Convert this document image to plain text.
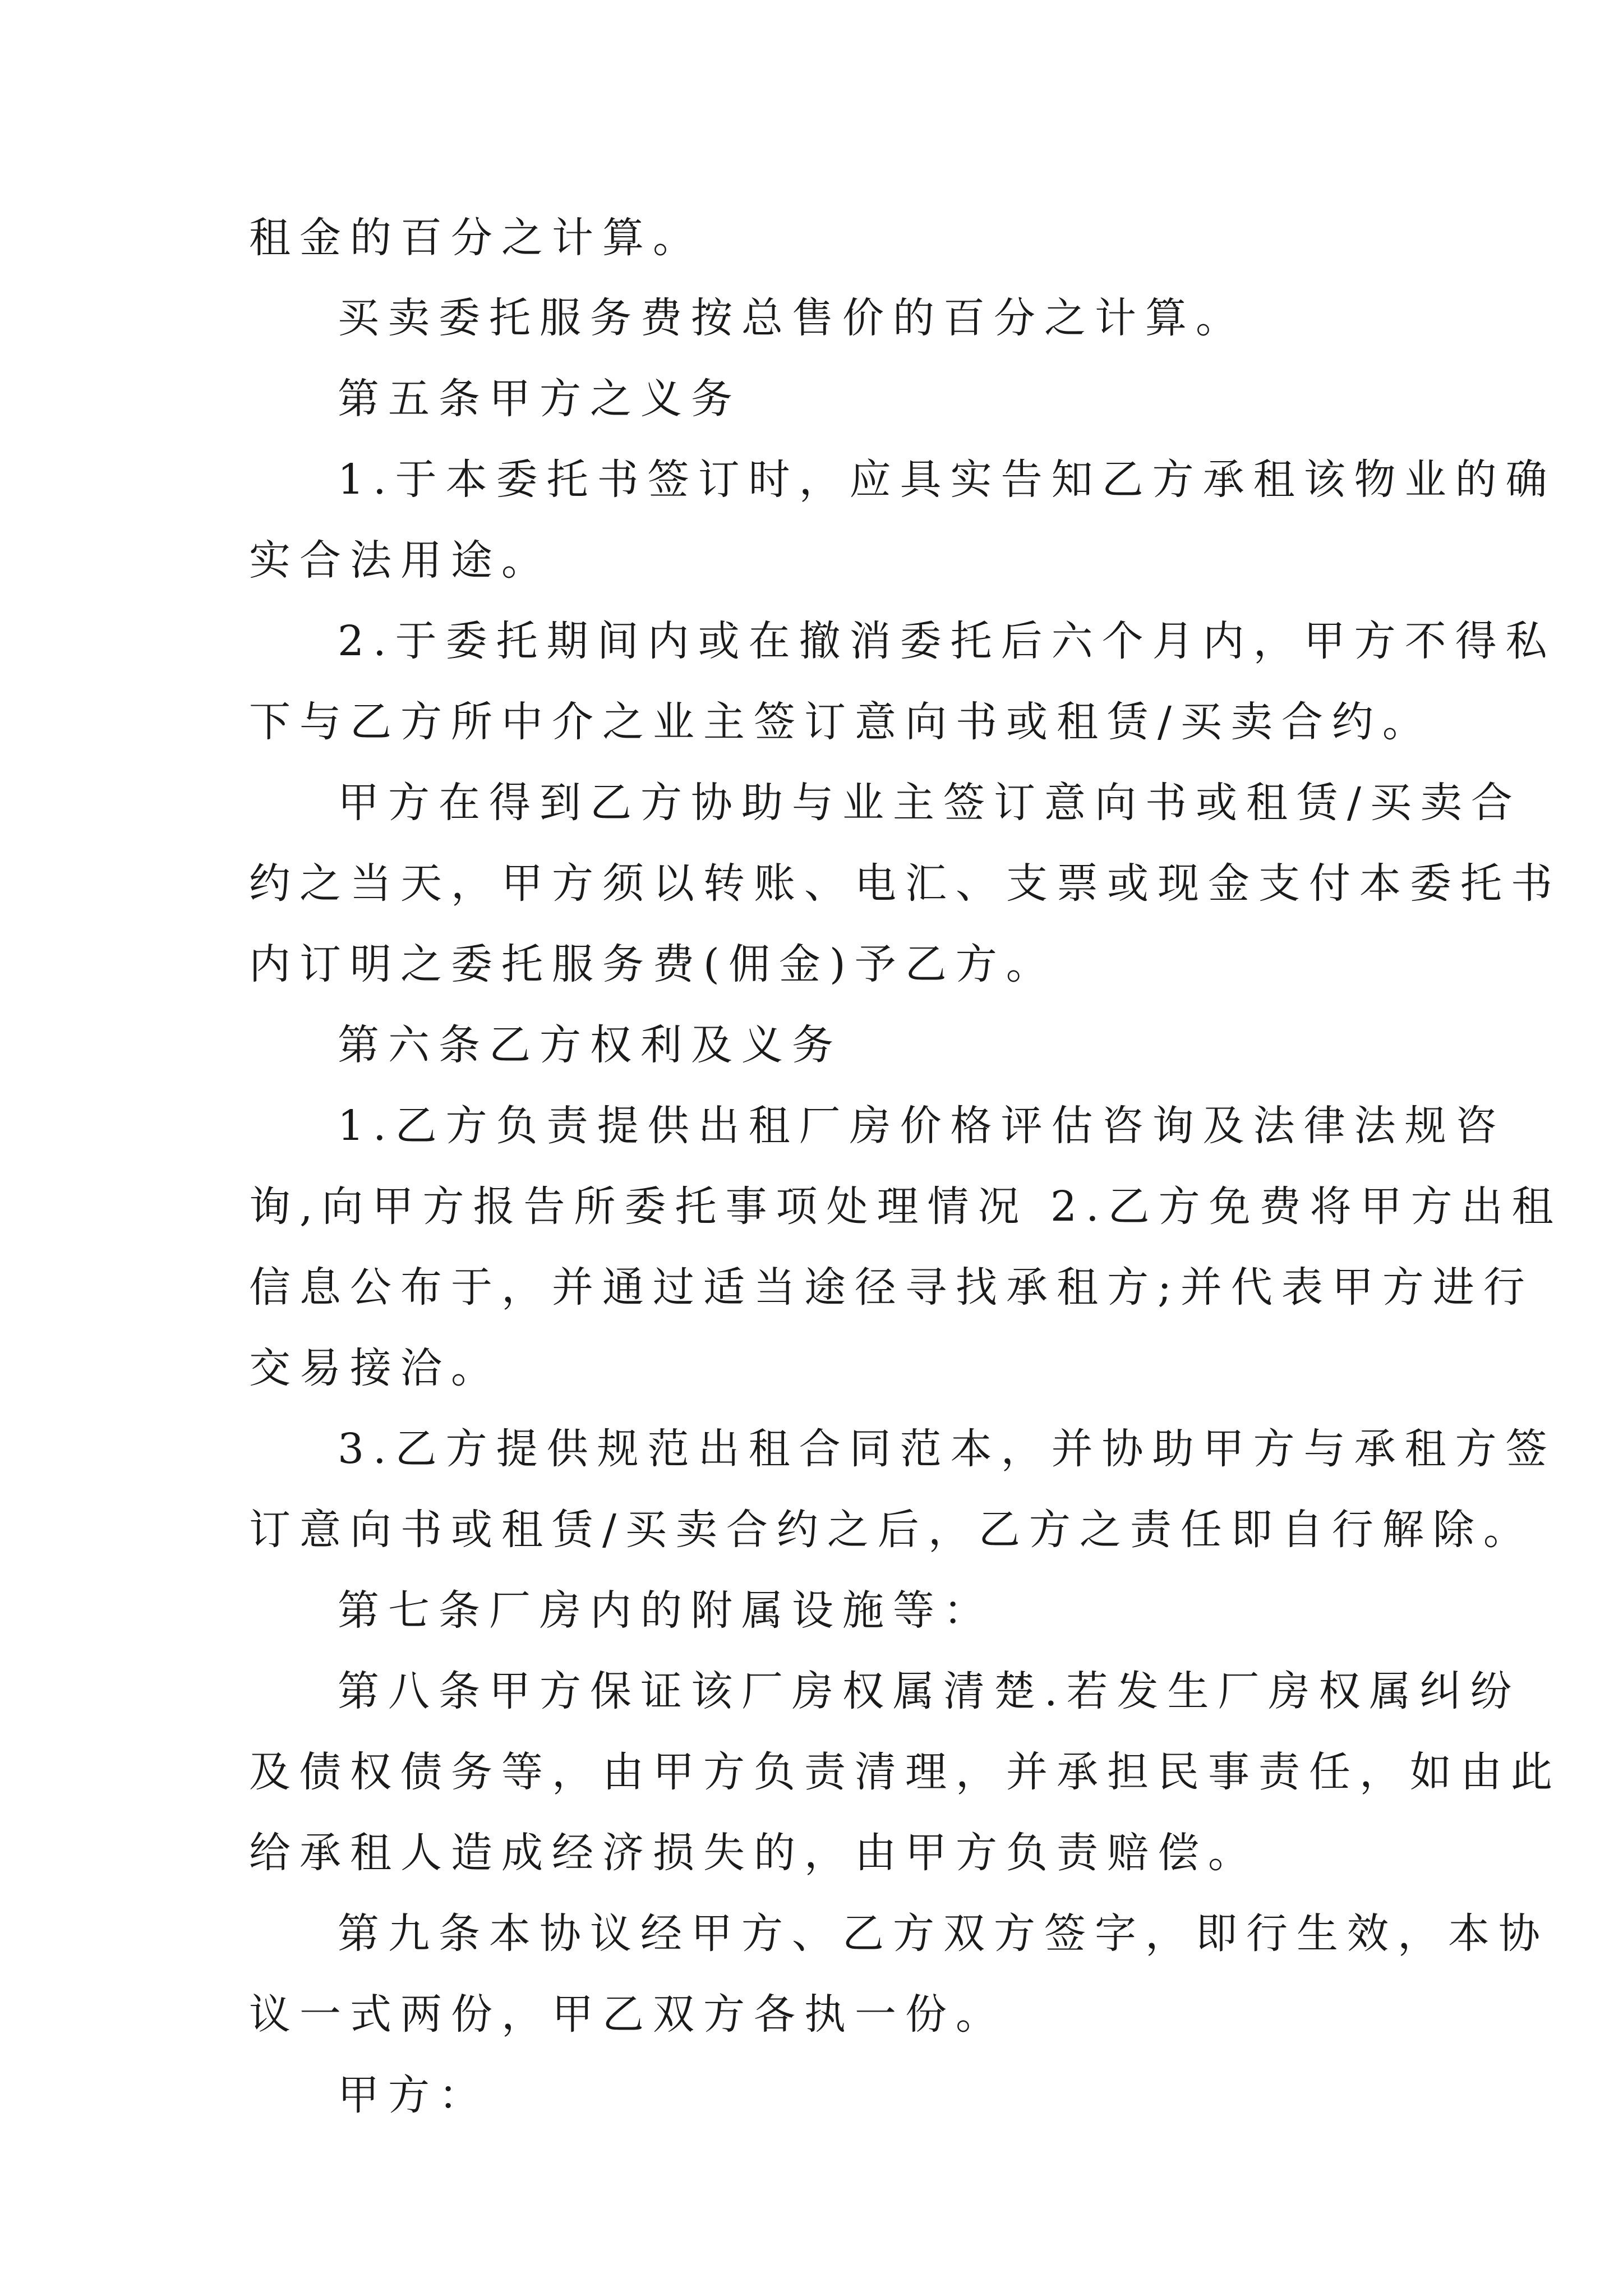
租金的百分之计算。
买卖委托服务费按总售价的百分之计算。
第五条甲方之义务
1.于本委托书签订时，应具实告知乙方承租该物业的确
实合法用途。
2.于委托期间内或在撤消委托后六个月内，甲方不得私
下与乙方所中介之业主签订意向书或租赁/买卖合约。
甲方在得到乙方协助与业主签订意向书或租赁/买卖合
约之当天，甲方须以转账、电汇、支票或现金支付本委托书
内订明之委托服务费(佣金)予乙方。
第六条乙方权利及义务
1.乙方负责提供出租厂房价格评估咨询及法律法规咨
询,向甲方报告所委托事项处理情况 2.乙方免费将甲方出租
信息公布于，并通过适当途径寻找承租方;并代表甲方进行
交易接洽。
3.乙方提供规范出租合同范本，并协助甲方与承租方签
订意向书或租赁/买卖合约之后，乙方之责任即自行解除。
第七条厂房内的附属设施等：
第八条甲方保证该厂房权属清楚.若发生厂房权属纠纷
及债权债务等，由甲方负责清理，并承担民事责任，如由此
给承租人造成经济损失的，由甲方负责赔偿。
第九条本协议经甲方、乙方双方签字，即行生效，本协
议一式两份，甲乙双方各执一份。
甲方：
